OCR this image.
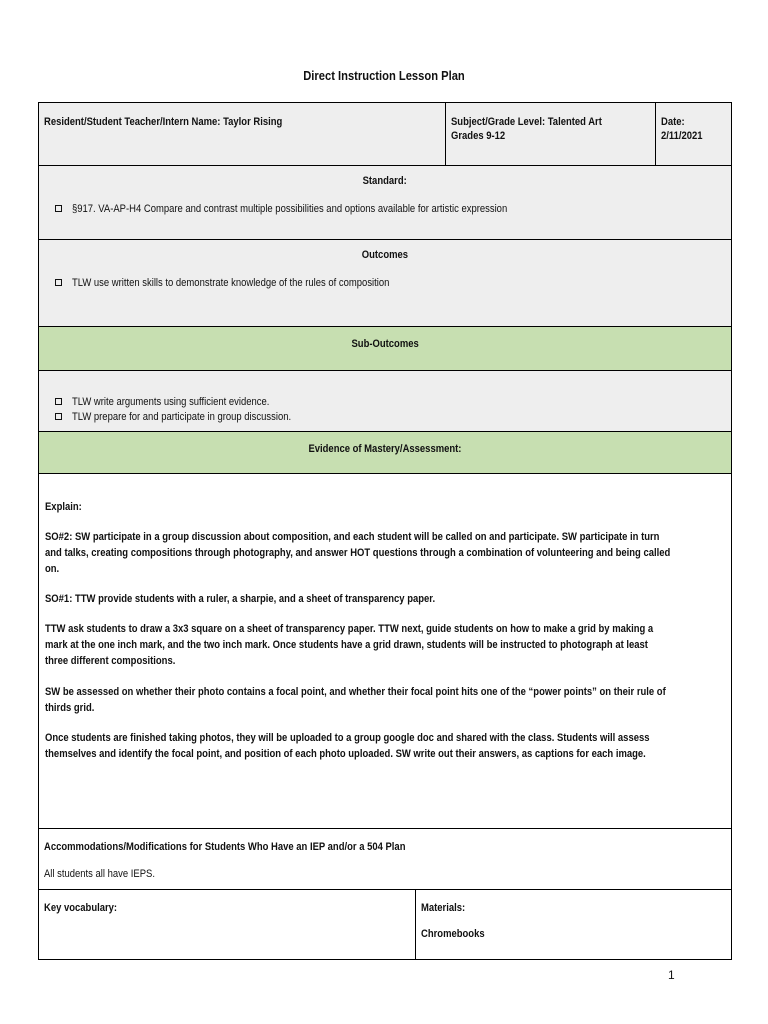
Direct Instruction Lesson Plan
Resident/Student Teacher/Intern Name: Taylor Rising	Subject/Grade Level: Talented Art
Grades 9-12
Date:
2/11/2021
Standard:
§917. VA-AP-H4 Compare and contrast multiple possibilities and options available for artistic expression
Outcomes
TLW use written skills to demonstrate knowledge of the rules of composition
Sub-Outcomes
TLW write arguments using sufficient evidence.
TLW prepare for and participate in group discussion.
Evidence of Mastery/Assessment:
Explain:
SO#2: SW participate in a group discussion about composition, and each student will be called on and participate. SW participate in turn
and talks, creating compositions through photography, and answer HOT questions through a combination of volunteering and being called
on.
SO#1: TTW provide students with a ruler, a sharpie, and a sheet of transparency paper.
TTW ask students to draw a 3x3 square on a sheet of transparency paper. TTW next, guide students on how to make a grid by making a
mark at the one inch mark, and the two inch mark. Once students have a grid drawn, students will be instructed to photograph at least
three different compositions.
SW be assessed on whether their photo contains a focal point, and whether their focal point hits one of the “power points” on their rule of
thirds grid.
Once students are finished taking photos, they will be uploaded to a group google doc and shared with the class. Students will assess
themselves and identify the focal point, and position of each photo uploaded. SW write out their answers, as captions for each image.
Accommodations/Modifications for Students Who Have an IEP and/or a 504 Plan
All students all have IEPS.
Key vocabulary:	Materials:
Chromebooks
1
